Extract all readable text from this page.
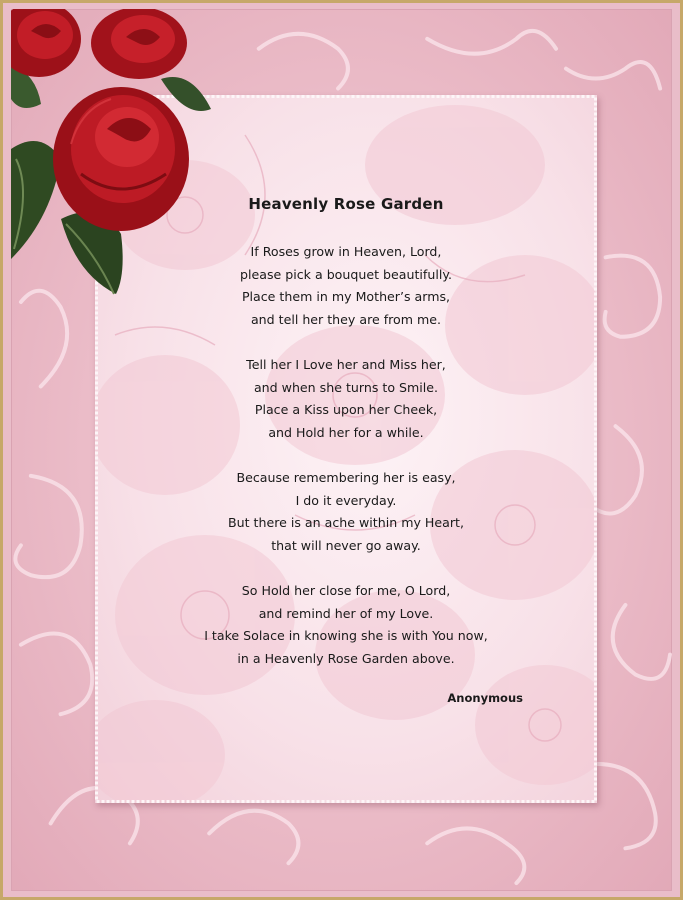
Heavenly Rose Garden
If Roses grow in Heaven, Lord,
please pick a bouquet beautifully.
Place them in my Mother’s arms,
and tell her they are from me.
Tell her I Love her and Miss her,
and when she turns to Smile.
Place a Kiss upon her Cheek,
and Hold her for a while.
Because remembering her is easy,
I do it everyday.
But there is an ache within my Heart,
that will never go away.
So Hold her close for me, O Lord,
and remind her of my Love.
I take Solace in knowing she is with You now,
in a Heavenly Rose Garden above.
Anonymous
